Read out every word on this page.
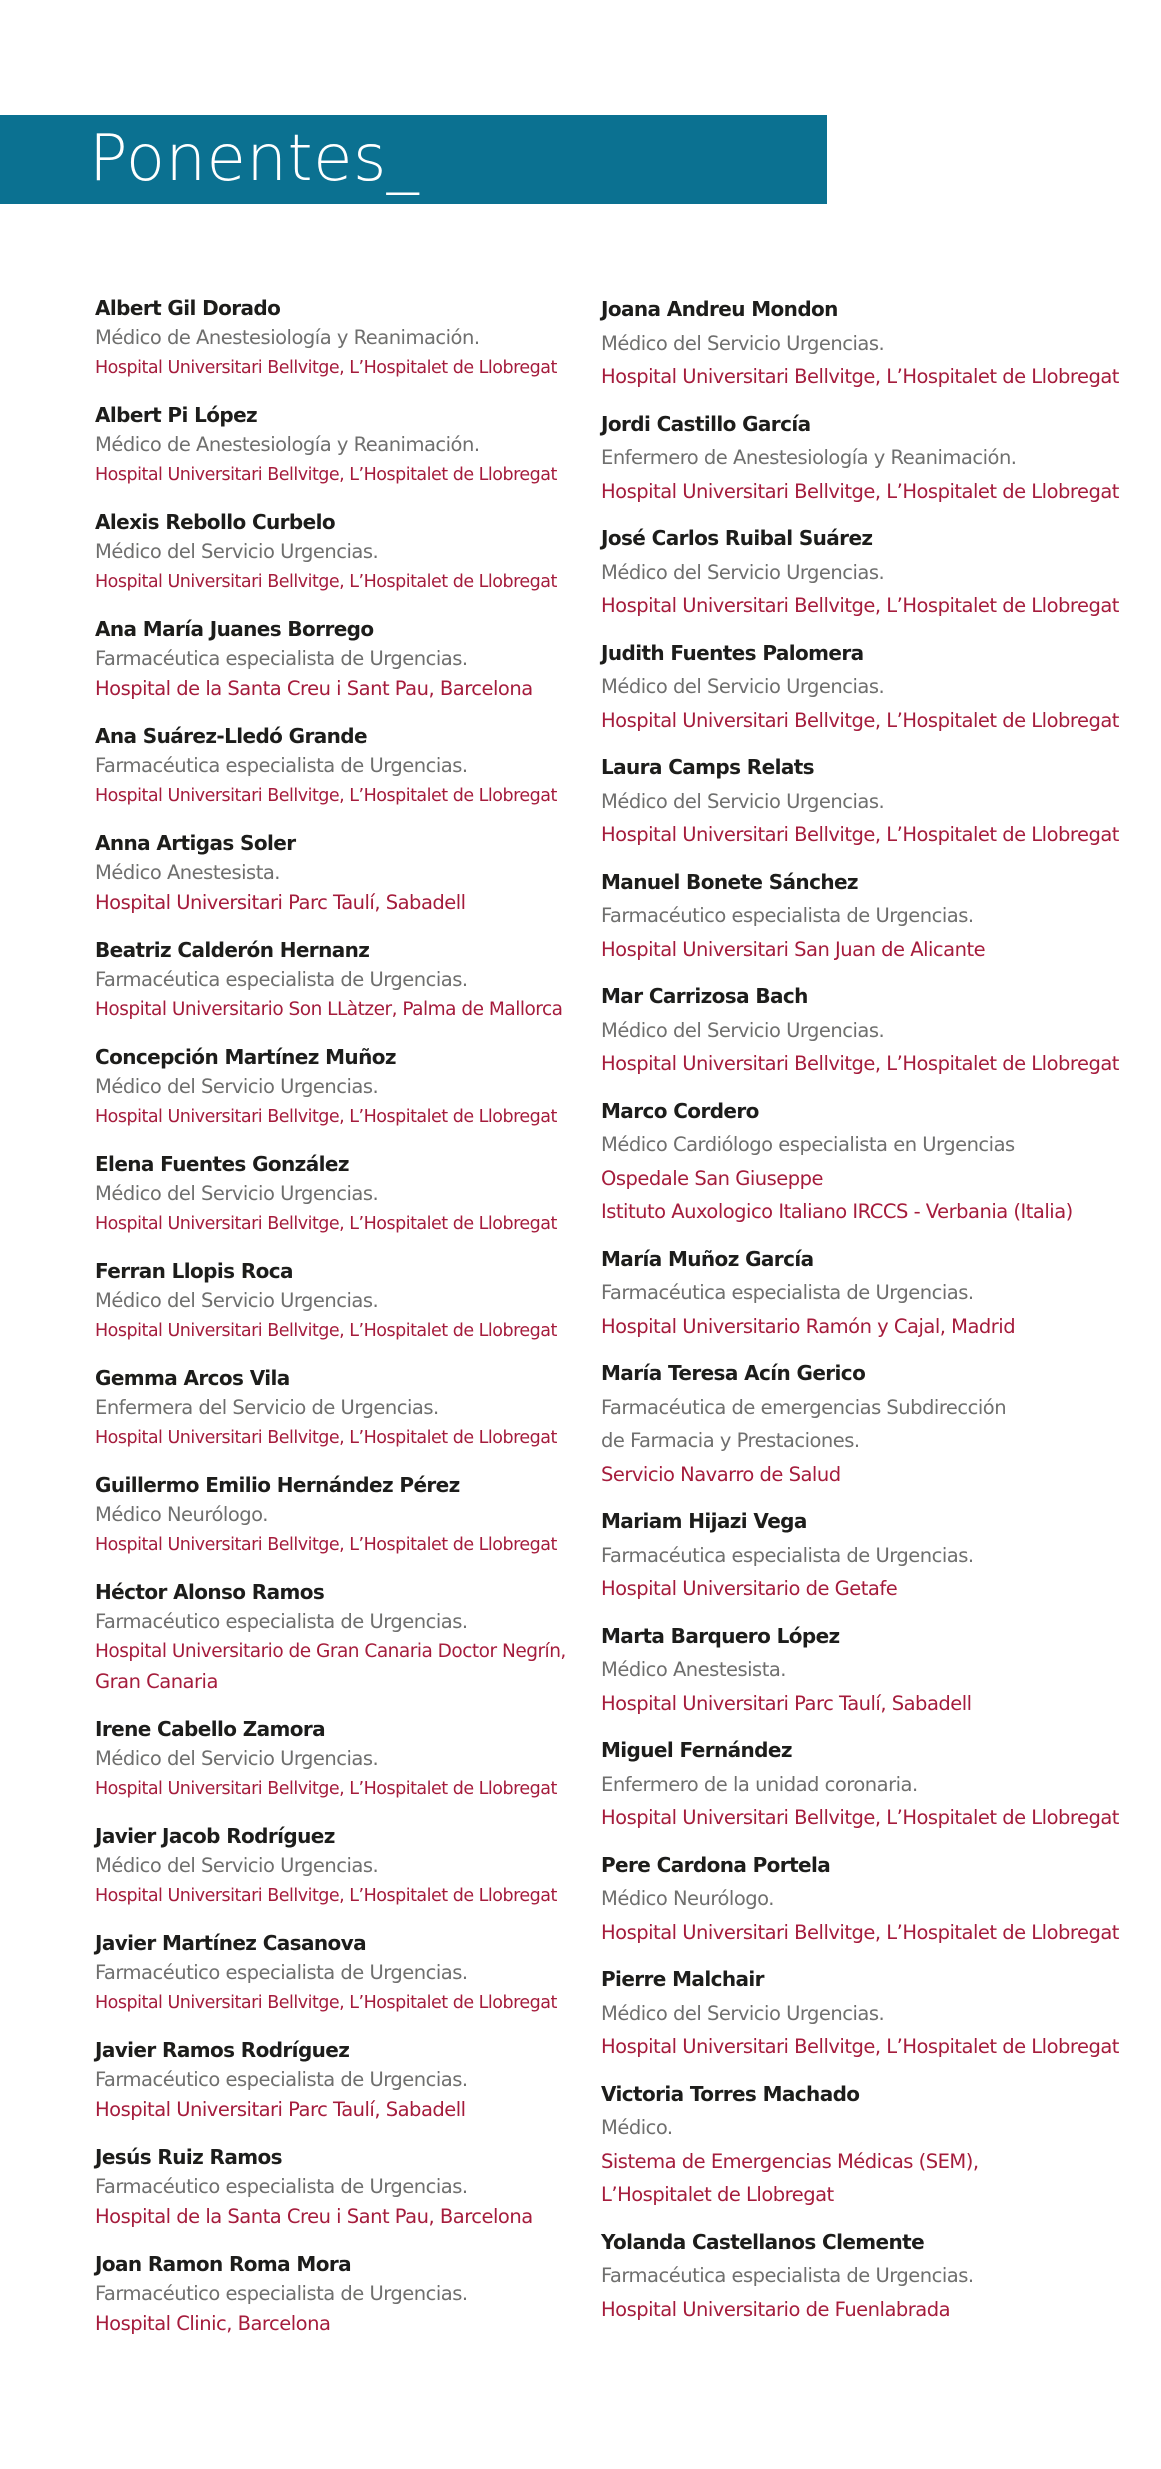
Ponentes_
Albert Gil Dorado
Médico de Anestesiología y Reanimación.
Hospital Universitari Bellvitge, L’Hospitalet de Llobregat
Albert Pi López
Médico de Anestesiología y Reanimación.
Hospital Universitari Bellvitge, L’Hospitalet de Llobregat
Alexis Rebollo Curbelo
Médico del Servicio Urgencias.
Hospital Universitari Bellvitge, L’Hospitalet de Llobregat
Ana María Juanes Borrego
Farmacéutica especialista de Urgencias.
Hospital de la Santa Creu i Sant Pau, Barcelona
Ana Suárez-Lledó Grande
Farmacéutica especialista de Urgencias.
Hospital Universitari Bellvitge, L’Hospitalet de Llobregat
Anna Artigas Soler
Médico Anestesista.
Hospital Universitari Parc Taulí, Sabadell
Beatriz Calderón Hernanz
Farmacéutica especialista de Urgencias.
Hospital Universitario Son LLàtzer, Palma de Mallorca
Concepción Martínez Muñoz
Médico del Servicio Urgencias.
Hospital Universitari Bellvitge, L’Hospitalet de Llobregat
Elena Fuentes González
Médico del Servicio Urgencias.
Hospital Universitari Bellvitge, L’Hospitalet de Llobregat
Ferran Llopis Roca
Médico del Servicio Urgencias.
Hospital Universitari Bellvitge, L’Hospitalet de Llobregat
Gemma Arcos Vila
Enfermera del Servicio de Urgencias.
Hospital Universitari Bellvitge, L’Hospitalet de Llobregat
Guillermo Emilio Hernández Pérez
Médico Neurólogo.
Hospital Universitari Bellvitge, L’Hospitalet de Llobregat
Héctor Alonso Ramos
Farmacéutico especialista de Urgencias.
Hospital Universitario de Gran Canaria Doctor Negrín,
Gran Canaria
Irene Cabello Zamora
Médico del Servicio Urgencias.
Hospital Universitari Bellvitge, L’Hospitalet de Llobregat
Javier Jacob Rodríguez
Médico del Servicio Urgencias.
Hospital Universitari Bellvitge, L’Hospitalet de Llobregat
Javier Martínez Casanova
Farmacéutico especialista de Urgencias.
Hospital Universitari Bellvitge, L’Hospitalet de Llobregat
Javier Ramos Rodríguez
Farmacéutico especialista de Urgencias.
Hospital Universitari Parc Taulí, Sabadell
Jesús Ruiz Ramos
Farmacéutico especialista de Urgencias.
Hospital de la Santa Creu i Sant Pau, Barcelona
Joan Ramon Roma Mora
Farmacéutico especialista de Urgencias.
Hospital Clinic, Barcelona
Joana Andreu Mondon
Médico del Servicio Urgencias.
Hospital Universitari Bellvitge, L’Hospitalet de Llobregat
Jordi Castillo García
Enfermero de Anestesiología y Reanimación.
Hospital Universitari Bellvitge, L’Hospitalet de Llobregat
José Carlos Ruibal Suárez
Médico del Servicio Urgencias.
Hospital Universitari Bellvitge, L’Hospitalet de Llobregat
Judith Fuentes Palomera
Médico del Servicio Urgencias.
Hospital Universitari Bellvitge, L’Hospitalet de Llobregat
Laura Camps Relats
Médico del Servicio Urgencias.
Hospital Universitari Bellvitge, L’Hospitalet de Llobregat
Manuel Bonete Sánchez
Farmacéutico especialista de Urgencias.
Hospital Universitari San Juan de Alicante
Mar Carrizosa Bach
Médico del Servicio Urgencias.
Hospital Universitari Bellvitge, L’Hospitalet de Llobregat
Marco Cordero
Médico Cardiólogo especialista en Urgencias
Ospedale San Giuseppe
Istituto Auxologico Italiano IRCCS - Verbania (Italia)
María Muñoz García
Farmacéutica especialista de Urgencias.
Hospital Universitario Ramón y Cajal, Madrid
María Teresa Acín Gerico
Farmacéutica de emergencias Subdirección
de Farmacia y Prestaciones.
Servicio Navarro de Salud
Mariam Hijazi Vega
Farmacéutica especialista de Urgencias.
Hospital Universitario de Getafe
Marta Barquero López
Médico Anestesista.
Hospital Universitari Parc Taulí, Sabadell
Miguel Fernández
Enfermero de la unidad coronaria.
Hospital Universitari Bellvitge, L’Hospitalet de Llobregat
Pere Cardona Portela
Médico Neurólogo.
Hospital Universitari Bellvitge, L’Hospitalet de Llobregat
Pierre Malchair
Médico del Servicio Urgencias.
Hospital Universitari Bellvitge, L’Hospitalet de Llobregat
Victoria Torres Machado
Médico.
Sistema de Emergencias Médicas (SEM),
L’Hospitalet de Llobregat
Yolanda Castellanos Clemente
Farmacéutica especialista de Urgencias.
Hospital Universitario de Fuenlabrada
